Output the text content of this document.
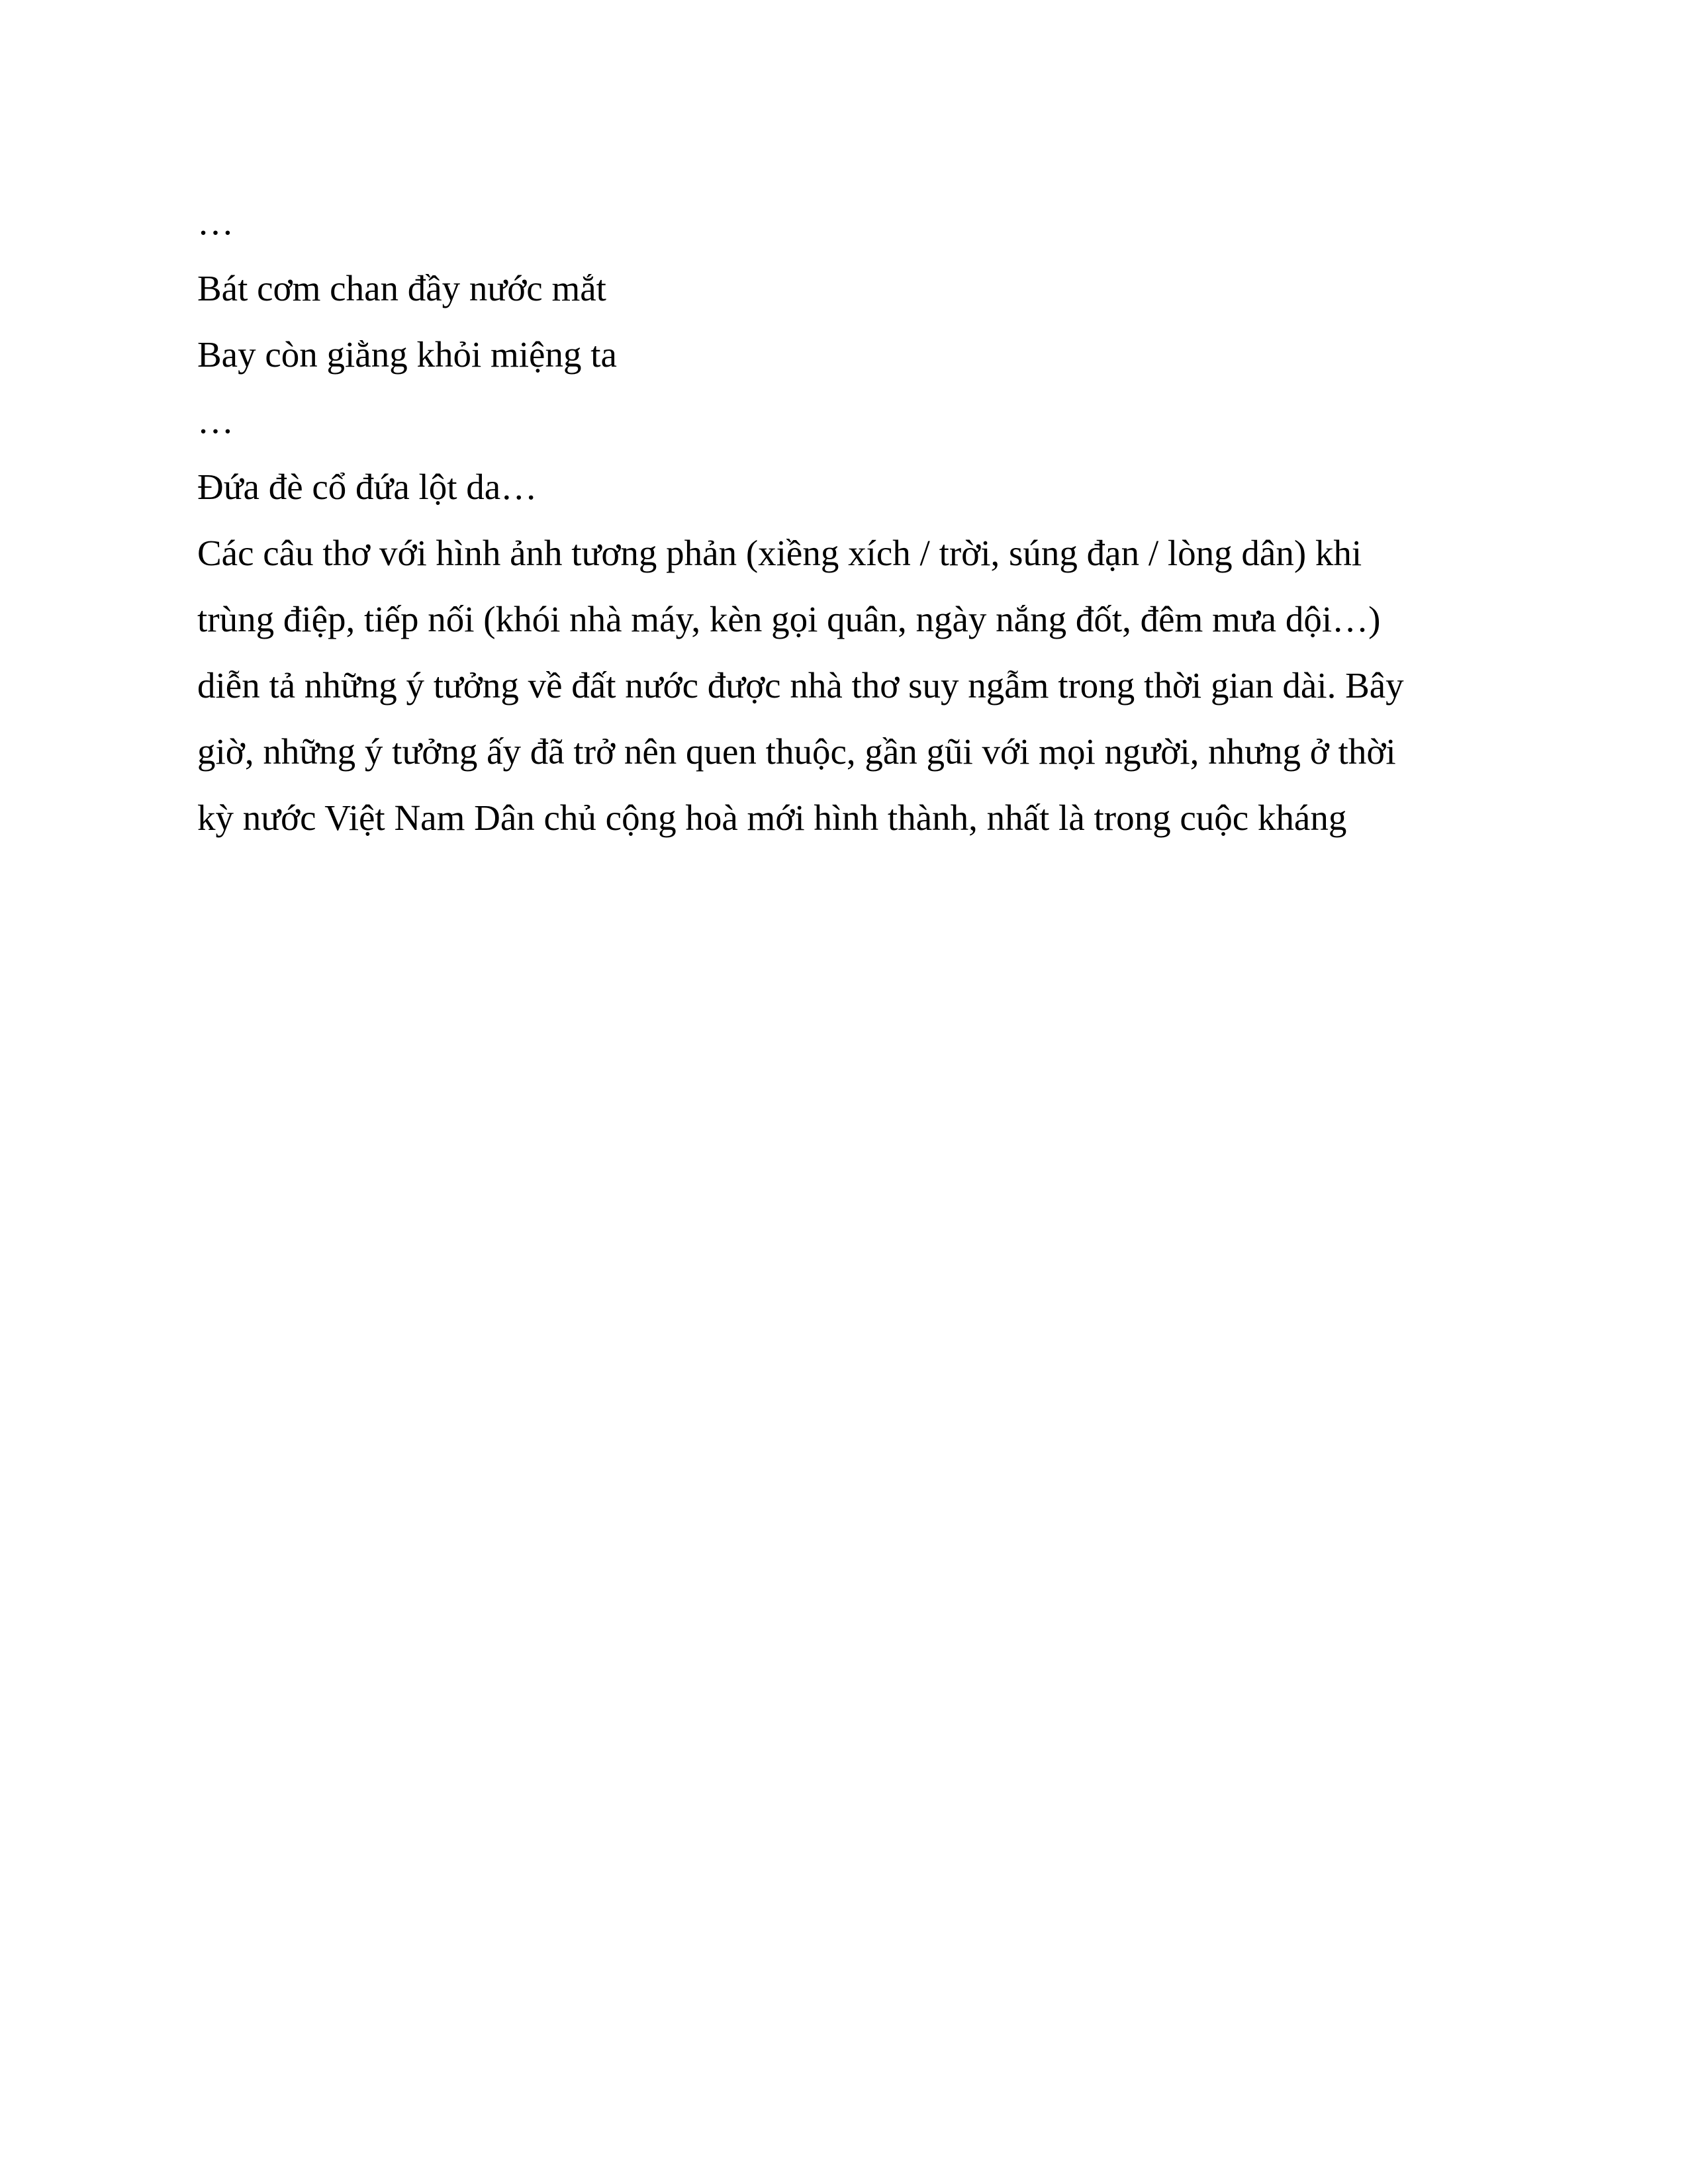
…
Bát cơm chan đầy nước mắt
Bay còn giằng khỏi miệng ta
…
Đứa đè cổ đứa lột da…
Các câu thơ với hình ảnh tương phản (xiềng xích / trời, súng đạn / lòng dân) khi
trùng điệp, tiếp nối (khói nhà máy, kèn gọi quân, ngày nắng đốt, đêm mưa dội…)
diễn tả những ý tưởng về đất nước được nhà thơ suy ngẫm trong thời gian dài. Bây
giờ, những ý tưởng ấy đã trở nên quen thuộc, gần gũi với mọi người, nhưng ở thời
kỳ nước Việt Nam Dân chủ cộng hoà mới hình thành, nhất là trong cuộc kháng
